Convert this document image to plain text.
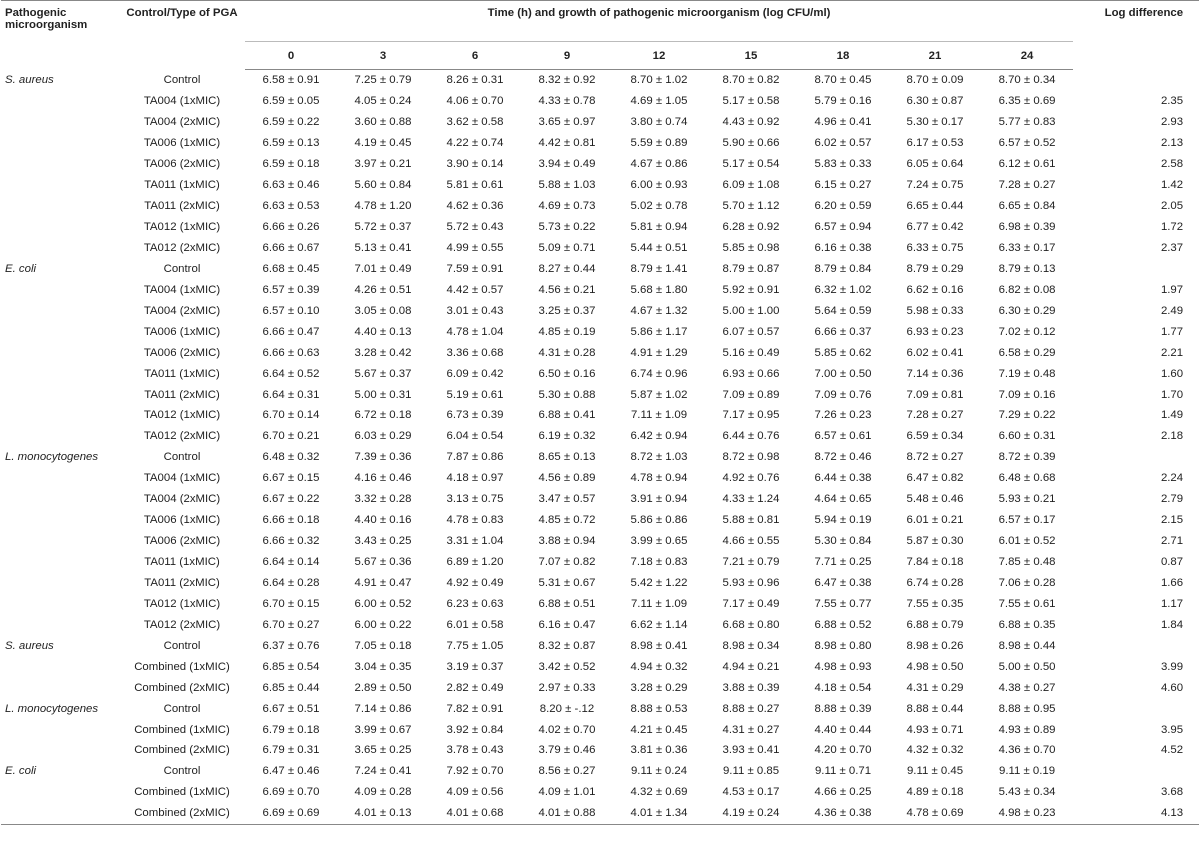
Pathogenic microorganism	Control/Type of PGA	Time (h) and growth of pathogenic microorganism (log CFU/ml)									Log difference
		0	3	6	9	12	15	18	21	24	
S. aureus	Control	6.58 ± 0.91	7.25 ± 0.79	8.26 ± 0.31	8.32 ± 0.92	8.70 ± 1.02	8.70 ± 0.82	8.70 ± 0.45	8.70 ± 0.09	8.70 ± 0.34	
	TA004 (1xMIC)	6.59 ± 0.05	4.05 ± 0.24	4.06 ± 0.70	4.33 ± 0.78	4.69 ± 1.05	5.17 ± 0.58	5.79 ± 0.16	6.30 ± 0.87	6.35 ± 0.69	2.35
	TA004 (2xMIC)	6.59 ± 0.22	3.60 ± 0.88	3.62 ± 0.58	3.65 ± 0.97	3.80 ± 0.74	4.43 ± 0.92	4.96 ± 0.41	5.30 ± 0.17	5.77 ± 0.83	2.93
	TA006 (1xMIC)	6.59 ± 0.13	4.19 ± 0.45	4.22 ± 0.74	4.42 ± 0.81	5.59 ± 0.89	5.90 ± 0.66	6.02 ± 0.57	6.17 ± 0.53	6.57 ± 0.52	2.13
	TA006 (2xMIC)	6.59 ± 0.18	3.97 ± 0.21	3.90 ± 0.14	3.94 ± 0.49	4.67 ± 0.86	5.17 ± 0.54	5.83 ± 0.33	6.05 ± 0.64	6.12 ± 0.61	2.58
	TA011 (1xMIC)	6.63 ± 0.46	5.60 ± 0.84	5.81 ± 0.61	5.88 ± 1.03	6.00 ± 0.93	6.09 ± 1.08	6.15 ± 0.27	7.24 ± 0.75	7.28 ± 0.27	1.42
	TA011 (2xMIC)	6.63 ± 0.53	4.78 ± 1.20	4.62 ± 0.36	4.69 ± 0.73	5.02 ± 0.78	5.70 ± 1.12	6.20 ± 0.59	6.65 ± 0.44	6.65 ± 0.84	2.05
	TA012 (1xMIC)	6.66 ± 0.26	5.72 ± 0.37	5.72 ± 0.43	5.73 ± 0.22	5.81 ± 0.94	6.28 ± 0.92	6.57 ± 0.94	6.77 ± 0.42	6.98 ± 0.39	1.72
	TA012 (2xMIC)	6.66 ± 0.67	5.13 ± 0.41	4.99 ± 0.55	5.09 ± 0.71	5.44 ± 0.51	5.85 ± 0.98	6.16 ± 0.38	6.33 ± 0.75	6.33 ± 0.17	2.37
E. coli	Control	6.68 ± 0.45	7.01 ± 0.49	7.59 ± 0.91	8.27 ± 0.44	8.79 ± 1.41	8.79 ± 0.87	8.79 ± 0.84	8.79 ± 0.29	8.79 ± 0.13	
	TA004 (1xMIC)	6.57 ± 0.39	4.26 ± 0.51	4.42 ± 0.57	4.56 ± 0.21	5.68 ± 1.80	5.92 ± 0.91	6.32 ± 1.02	6.62 ± 0.16	6.82 ± 0.08	1.97
	TA004 (2xMIC)	6.57 ± 0.10	3.05 ± 0.08	3.01 ± 0.43	3.25 ± 0.37	4.67 ± 1.32	5.00 ± 1.00	5.64 ± 0.59	5.98 ± 0.33	6.30 ± 0.29	2.49
	TA006 (1xMIC)	6.66 ± 0.47	4.40 ± 0.13	4.78 ± 1.04	4.85 ± 0.19	5.86 ± 1.17	6.07 ± 0.57	6.66 ± 0.37	6.93 ± 0.23	7.02 ± 0.12	1.77
	TA006 (2xMIC)	6.66 ± 0.63	3.28 ± 0.42	3.36 ± 0.68	4.31 ± 0.28	4.91 ± 1.29	5.16 ± 0.49	5.85 ± 0.62	6.02 ± 0.41	6.58 ± 0.29	2.21
	TA011 (1xMIC)	6.64 ± 0.52	5.67 ± 0.37	6.09 ± 0.42	6.50 ± 0.16	6.74 ± 0.96	6.93 ± 0.66	7.00 ± 0.50	7.14 ± 0.36	7.19 ± 0.48	1.60
	TA011 (2xMIC)	6.64 ± 0.31	5.00 ± 0.31	5.19 ± 0.61	5.30 ± 0.88	5.87 ± 1.02	7.09 ± 0.89	7.09 ± 0.76	7.09 ± 0.81	7.09 ± 0.16	1.70
	TA012 (1xMIC)	6.70 ± 0.14	6.72 ± 0.18	6.73 ± 0.39	6.88 ± 0.41	7.11 ± 1.09	7.17 ± 0.95	7.26 ± 0.23	7.28 ± 0.27	7.29 ± 0.22	1.49
	TA012 (2xMIC)	6.70 ± 0.21	6.03 ± 0.29	6.04 ± 0.54	6.19 ± 0.32	6.42 ± 0.94	6.44 ± 0.76	6.57 ± 0.61	6.59 ± 0.34	6.60 ± 0.31	2.18
L. monocytogenes	Control	6.48 ± 0.32	7.39 ± 0.36	7.87 ± 0.86	8.65 ± 0.13	8.72 ± 1.03	8.72 ± 0.98	8.72 ± 0.46	8.72 ± 0.27	8.72 ± 0.39	
	TA004 (1xMIC)	6.67 ± 0.15	4.16 ± 0.46	4.18 ± 0.97	4.56 ± 0.89	4.78 ± 0.94	4.92 ± 0.76	6.44 ± 0.38	6.47 ± 0.82	6.48 ± 0.68	2.24
	TA004 (2xMIC)	6.67 ± 0.22	3.32 ± 0.28	3.13 ± 0.75	3.47 ± 0.57	3.91 ± 0.94	4.33 ± 1.24	4.64 ± 0.65	5.48 ± 0.46	5.93 ± 0.21	2.79
	TA006 (1xMIC)	6.66 ± 0.18	4.40 ± 0.16	4.78 ± 0.83	4.85 ± 0.72	5.86 ± 0.86	5.88 ± 0.81	5.94 ± 0.19	6.01 ± 0.21	6.57 ± 0.17	2.15
	TA006 (2xMIC)	6.66 ± 0.32	3.43 ± 0.25	3.31 ± 1.04	3.88 ± 0.94	3.99 ± 0.65	4.66 ± 0.55	5.30 ± 0.84	5.87 ± 0.30	6.01 ± 0.52	2.71
	TA011 (1xMIC)	6.64 ± 0.14	5.67 ± 0.36	6.89 ± 1.20	7.07 ± 0.82	7.18 ± 0.83	7.21 ± 0.79	7.71 ± 0.25	7.84 ± 0.18	7.85 ± 0.48	0.87
	TA011 (2xMIC)	6.64 ± 0.28	4.91 ± 0.47	4.92 ± 0.49	5.31 ± 0.67	5.42 ± 1.22	5.93 ± 0.96	6.47 ± 0.38	6.74 ± 0.28	7.06 ± 0.28	1.66
	TA012 (1xMIC)	6.70 ± 0.15	6.00 ± 0.52	6.23 ± 0.63	6.88 ± 0.51	7.11 ± 1.09	7.17 ± 0.49	7.55 ± 0.77	7.55 ± 0.35	7.55 ± 0.61	1.17
	TA012 (2xMIC)	6.70 ± 0.27	6.00 ± 0.22	6.01 ± 0.58	6.16 ± 0.47	6.62 ± 1.14	6.68 ± 0.80	6.88 ± 0.52	6.88 ± 0.79	6.88 ± 0.35	1.84
S. aureus	Control	6.37 ± 0.76	7.05 ± 0.18	7.75 ± 1.05	8.32 ± 0.87	8.98 ± 0.41	8.98 ± 0.34	8.98 ± 0.80	8.98 ± 0.26	8.98 ± 0.44	
	Combined (1xMIC)	6.85 ± 0.54	3.04 ± 0.35	3.19 ± 0.37	3.42 ± 0.52	4.94 ± 0.32	4.94 ± 0.21	4.98 ± 0.93	4.98 ± 0.50	5.00 ± 0.50	3.99
	Combined (2xMIC)	6.85 ± 0.44	2.89 ± 0.50	2.82 ± 0.49	2.97 ± 0.33	3.28 ± 0.29	3.88 ± 0.39	4.18 ± 0.54	4.31 ± 0.29	4.38 ± 0.27	4.60
L. monocytogenes	Control	6.67 ± 0.51	7.14 ± 0.86	7.82 ± 0.91	8.20 ± -.12	8.88 ± 0.53	8.88 ± 0.27	8.88 ± 0.39	8.88 ± 0.44	8.88 ± 0.95	
	Combined (1xMIC)	6.79 ± 0.18	3.99 ± 0.67	3.92 ± 0.84	4.02 ± 0.70	4.21 ± 0.45	4.31 ± 0.27	4.40 ± 0.44	4.93 ± 0.71	4.93 ± 0.89	3.95
	Combined (2xMIC)	6.79 ± 0.31	3.65 ± 0.25	3.78 ± 0.43	3.79 ± 0.46	3.81 ± 0.36	3.93 ± 0.41	4.20 ± 0.70	4.32 ± 0.32	4.36 ± 0.70	4.52
E. coli	Control	6.47 ± 0.46	7.24 ± 0.41	7.92 ± 0.70	8.56 ± 0.27	9.11 ± 0.24	9.11 ± 0.85	9.11 ± 0.71	9.11 ± 0.45	9.11 ± 0.19	
	Combined (1xMIC)	6.69 ± 0.70	4.09 ± 0.28	4.09 ± 0.56	4.09 ± 1.01	4.32 ± 0.69	4.53 ± 0.17	4.66 ± 0.25	4.89 ± 0.18	5.43 ± 0.34	3.68
	Combined (2xMIC)	6.69 ± 0.69	4.01 ± 0.13	4.01 ± 0.68	4.01 ± 0.88	4.01 ± 1.34	4.19 ± 0.24	4.36 ± 0.38	4.78 ± 0.69	4.98 ± 0.23	4.13
